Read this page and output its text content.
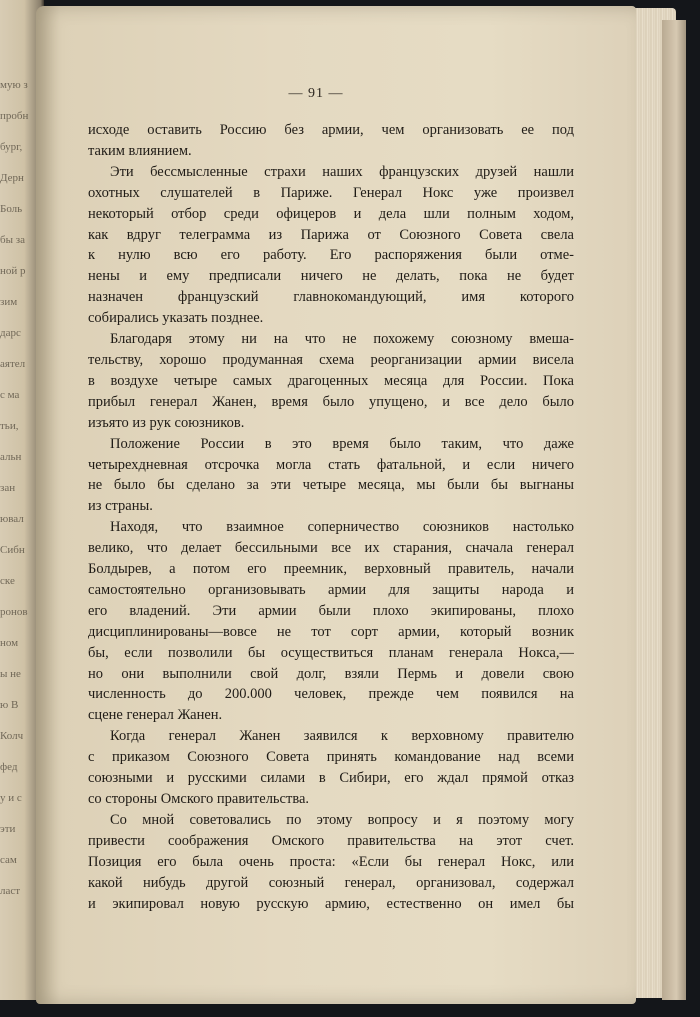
мую з
пробн
бург,
Дерн
Боль
бы за
ной р
зим
дарс
аятел
с ма
тьи,
альн
зан
ювал
Сибн
ске
ронов
ном
ы не
ю В
Колч
фед
у и с
эти
сам
ласт
— 91 —
исходе оставить Россию без армии, чем организовать ее под
таким влиянием.
Эти бессмысленные страхи наших французских друзей нашли
охотных слушателей в Париже. Генерал Нокс уже произвел
некоторый отбор среди офицеров и дела шли полным ходом,
как вдруг телеграмма из Парижа от Союзного Совета свела
к нулю всю его работу. Его распоряжения были отме-
нены и ему предписали ничего не делать, пока не будет
назначен французский главнокомандующий, имя которого
собирались указать позднее.
Благодаря этому ни на что не похожему союзному вмеша-
тельству, хорошо продуманная схема реорганизации армии висела
в воздухе четыре самых драгоценных месяца для России. Пока
прибыл генерал Жанен, время было упущено, и все дело было
изъято из рук союзников.
Положение России в это время было таким, что даже
четырехдневная отсрочка могла стать фатальной, и если ничего
не было бы сделано за эти четыре месяца, мы были бы выгнаны
из страны.
Находя, что взаимное соперничество союзников настолько
велико, что делает бессильными все их старания, сначала генерал
Болдырев, а потом его преемник, верховный правитель, начали
самостоятельно организовывать армии для защиты народа и
его владений. Эти армии были плохо экипированы, плохо
дисциплинированы—вовсе не тот сорт армии, который возник
бы, если позволили бы осуществиться планам генерала Нокса,—
но они выполнили свой долг, взяли Пермь и довели свою
численность до 200.000 человек, прежде чем появился на
сцене генерал Жанен.
Когда генерал Жанен заявился к верховному правителю
с приказом Союзного Совета принять командование над всеми
союзными и русскими силами в Сибири, его ждал прямой отказ
со стороны Омского правительства.
Со мной советовались по этому вопросу и я поэтому могу
привести соображения Омского правительства на этот счет.
Позиция его была очень проста: «Если бы генерал Нокс, или
какой нибудь другой союзный генерал, организовал, содержал
и экипировал новую русскую армию, естественно он имел бы
